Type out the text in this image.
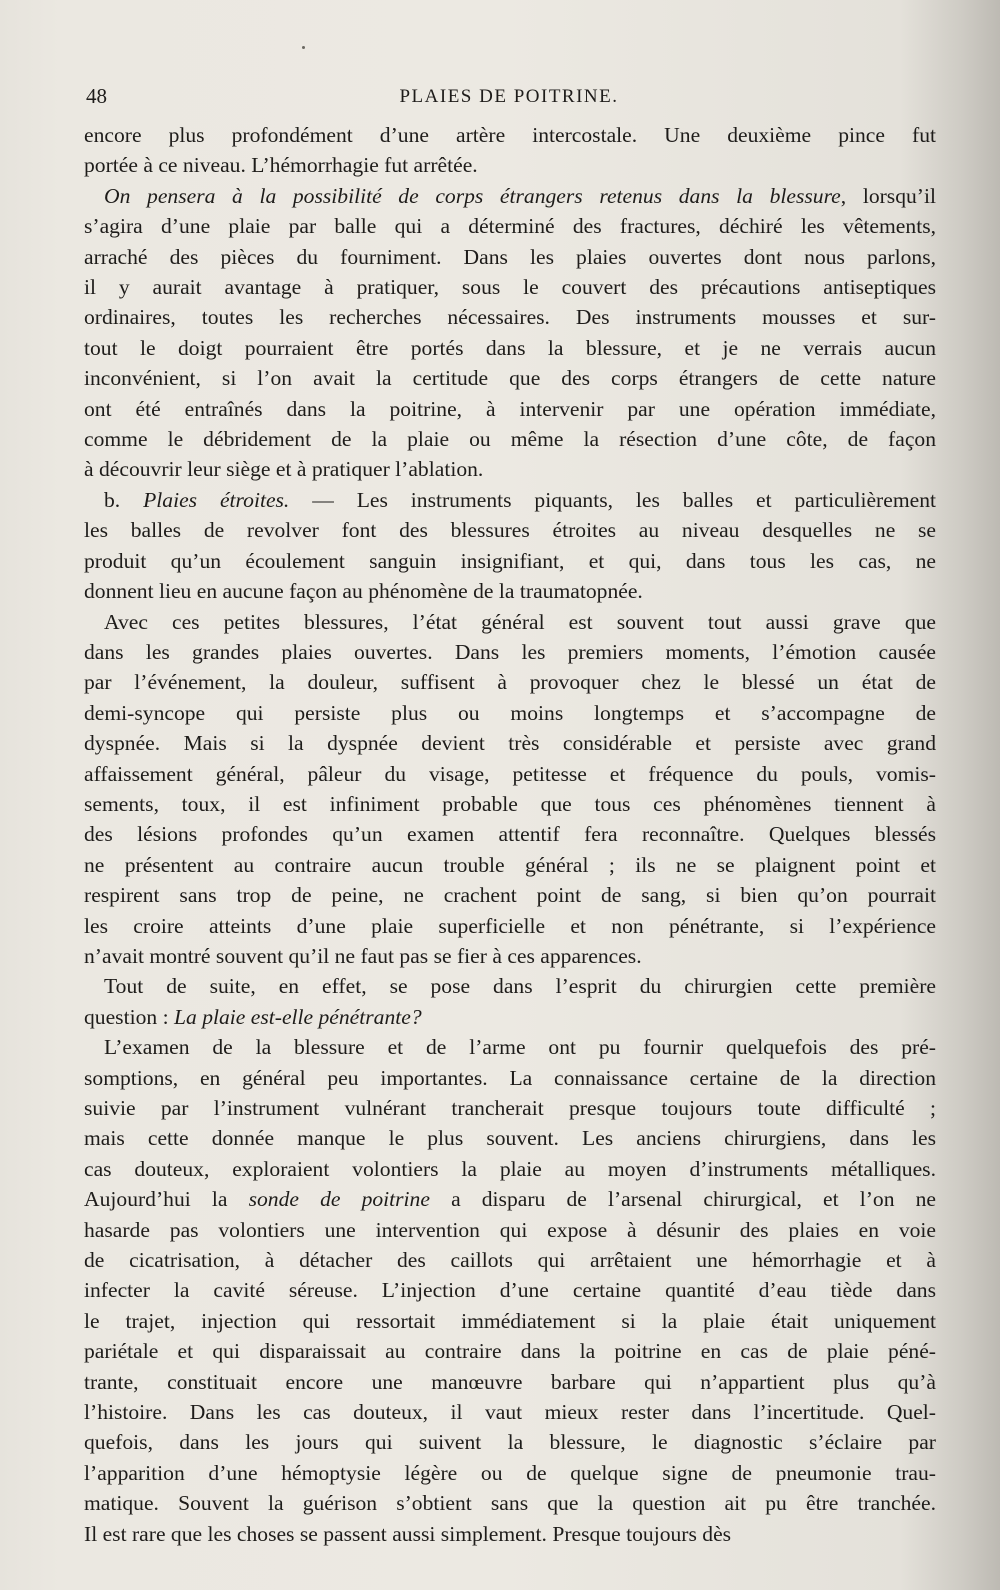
48	PLAIES DE POITRINE.

encore plus profondément d’une artère intercostale. Une deuxième pince fut

portée à ce niveau. L’hémorrhagie fut arrêtée.

On pensera à la possibilité de corps étrangers retenus dans la blessure, lorsqu’il

s’agira d’une plaie par balle qui a déterminé des fractures, déchiré les vêtements,

arraché des pièces du fourniment. Dans les plaies ouvertes dont nous parlons,

il y aurait avantage à pratiquer, sous le couvert des précautions antiseptiques

ordinaires, toutes les recherches nécessaires. Des instruments mousses et sur-

tout le doigt pourraient être portés dans la blessure, et je ne verrais aucun

inconvénient, si l’on avait la certitude que des corps étrangers de cette nature

ont été entraînés dans la poitrine, à intervenir par une opération immédiate,

comme le débridement de la plaie ou même la résection d’une côte, de façon

à découvrir leur siège et à pratiquer l’ablation.

b. Plaies étroites. — Les instruments piquants, les balles et particulièrement

les balles de revolver font des blessures étroites au niveau desquelles ne se

produit qu’un écoulement sanguin insignifiant, et qui, dans tous les cas, ne

donnent lieu en aucune façon au phénomène de la traumatopnée.

Avec ces petites blessures, l’état général est souvent tout aussi grave que

dans les grandes plaies ouvertes. Dans les premiers moments, l’émotion causée

par l’événement, la douleur, suffisent à provoquer chez le blessé un état de

demi-syncope qui persiste plus ou moins longtemps et s’accompagne de

dyspnée. Mais si la dyspnée devient très considérable et persiste avec grand

affaissement général, pâleur du visage, petitesse et fréquence du pouls, vomis-

sements, toux, il est infiniment probable que tous ces phénomènes tiennent à

des lésions profondes qu’un examen attentif fera reconnaître. Quelques blessés

ne présentent au contraire aucun trouble général ; ils ne se plaignent point et

respirent sans trop de peine, ne crachent point de sang, si bien qu’on pourrait

les croire atteints d’une plaie superficielle et non pénétrante, si l’expérience

n’avait montré souvent qu’il ne faut pas se fier à ces apparences.

Tout de suite, en effet, se pose dans l’esprit du chirurgien cette première

question : La plaie est-elle pénétrante?

L’examen de la blessure et de l’arme ont pu fournir quelquefois des pré-

somptions, en général peu importantes. La connaissance certaine de la direction

suivie par l’instrument vulnérant trancherait presque toujours toute difficulté ;

mais cette donnée manque le plus souvent. Les anciens chirurgiens, dans les

cas douteux, exploraient volontiers la plaie au moyen d’instruments métalliques.

Aujourd’hui la sonde de poitrine a disparu de l’arsenal chirurgical, et l’on ne

hasarde pas volontiers une intervention qui expose à désunir des plaies en voie

de cicatrisation, à détacher des caillots qui arrêtaient une hémorrhagie et à

infecter la cavité séreuse. L’injection d’une certaine quantité d’eau tiède dans

le trajet, injection qui ressortait immédiatement si la plaie était uniquement

pariétale et qui disparaissait au contraire dans la poitrine en cas de plaie péné-

trante, constituait encore une manœuvre barbare qui n’appartient plus qu’à

l’histoire. Dans les cas douteux, il vaut mieux rester dans l’incertitude. Quel-

quefois, dans les jours qui suivent la blessure, le diagnostic s’éclaire par

l’apparition d’une hémoptysie légère ou de quelque signe de pneumonie trau-

matique. Souvent la guérison s’obtient sans que la question ait pu être tranchée.

Il est rare que les choses se passent aussi simplement. Presque toujours dès
